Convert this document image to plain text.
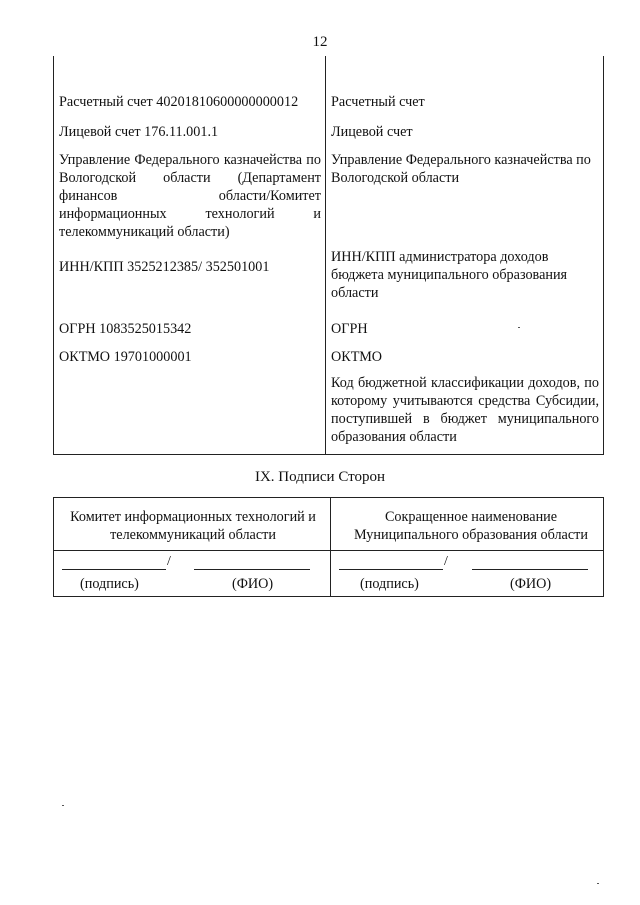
12
Расчетный счет 40201810600000000012
Лицевой счет 176.11.001.1
Управление Федерального казначейства по Вологодской области (Департамент финансов области/Комитет информационных технологий и телекоммуникаций области)
ИНН/КПП 3525212385/ 352501001
ОГРН 1083525015342
ОКТМО 19701000001
Расчетный счет
Лицевой счет
Управление Федерального казначейства по Вологодской области
ИНН/КПП администратора доходов бюджета муниципального образования области
ОГРН
ОКТМО
Код бюджетной классификации доходов, по которому учитываются средства Субсидии, поступившей в бюджет муниципального образования области
IX. Подписи Сторон
Комитет информационных технологий и телекоммуникаций области
Сокращенное наименование Муниципального образования области
/
(подпись)	(ФИО)
/
(подпись)	(ФИО)
